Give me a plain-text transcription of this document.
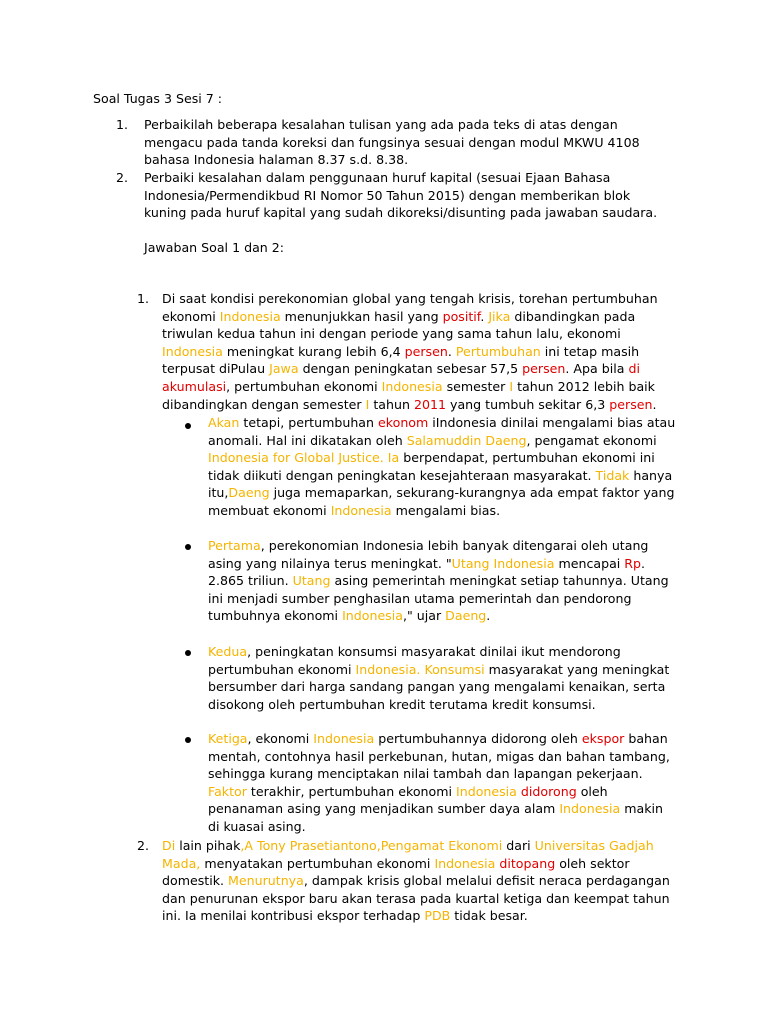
Soal Tugas 3 Sesi 7 :
1. Perbaikilah beberapa kesalahan tulisan yang ada pada teks di atas dengan mengacu pada tanda koreksi dan fungsinya sesuai dengan modul MKWU 4108 bahasa Indonesia halaman 8.37 s.d. 8.38.
2. Perbaiki kesalahan dalam penggunaan huruf kapital (sesuai Ejaan Bahasa Indonesia/Permendikbud RI Nomor 50 Tahun 2015) dengan memberikan blok kuning pada huruf kapital yang sudah dikoreksi/disunting pada jawaban saudara.
Jawaban Soal 1 dan 2:
1. Di saat kondisi perekonomian global yang tengah krisis, torehan pertumbuhan ekonomi Indonesia menunjukkan hasil yang positif. Jika dibandingkan pada triwulan kedua tahun ini dengan periode yang sama tahun lalu, ekonomi Indonesia meningkat kurang lebih 6,4 persen. Pertumbuhan ini tetap masih terpusat diPulau Jawa dengan peningkatan sebesar 57,5 persen. Apa bila di akumulasi, pertumbuhan ekonomi Indonesia semester I tahun 2012 lebih baik dibandingkan dengan semester I tahun 2011 yang tumbuh sekitar 6,3 persen.
Akan tetapi, pertumbuhan ekonom iIndonesia dinilai mengalami bias atau anomali. Hal ini dikatakan oleh Salamuddin Daeng, pengamat ekonomi Indonesia for Global Justice. Ia berpendapat, pertumbuhan ekonomi ini tidak diikuti dengan peningkatan kesejahteraan masyarakat. Tidak hanya itu,Daeng juga memaparkan, sekurang-kurangnya ada empat faktor yang membuat ekonomi Indonesia mengalami bias.
Pertama, perekonomian Indonesia lebih banyak ditengarai oleh utang asing yang nilainya terus meningkat. "Utang Indonesia mencapai Rp. 2.865 triliun. Utang asing pemerintah meningkat setiap tahunnya. Utang ini menjadi sumber penghasilan utama pemerintah dan pendorong tumbuhnya ekonomi Indonesia," ujar Daeng.
Kedua, peningkatan konsumsi masyarakat dinilai ikut mendorong pertumbuhan ekonomi Indonesia. Konsumsi masyarakat yang meningkat bersumber dari harga sandang pangan yang mengalami kenaikan, serta disokong oleh pertumbuhan kredit terutama kredit konsumsi.
Ketiga, ekonomi Indonesia pertumbuhannya didorong oleh ekspor bahan mentah, contohnya hasil perkebunan, hutan, migas dan bahan tambang, sehingga kurang menciptakan nilai tambah dan lapangan pekerjaan. Faktor terakhir, pertumbuhan ekonomi Indonesia didorong oleh penanaman asing yang menjadikan sumber daya alam Indonesia makin di kuasai asing.
2. Di lain pihak,A Tony Prasetiantono,Pengamat Ekonomi dari Universitas Gadjah Mada, menyatakan pertumbuhan ekonomi Indonesia ditopang oleh sektor domestik. Menurutnya, dampak krisis global melalui defisit neraca perdagangan dan penurunan ekspor baru akan terasa pada kuartal ketiga dan keempat tahun ini. Ia menilai kontribusi ekspor terhadap PDB tidak besar.
